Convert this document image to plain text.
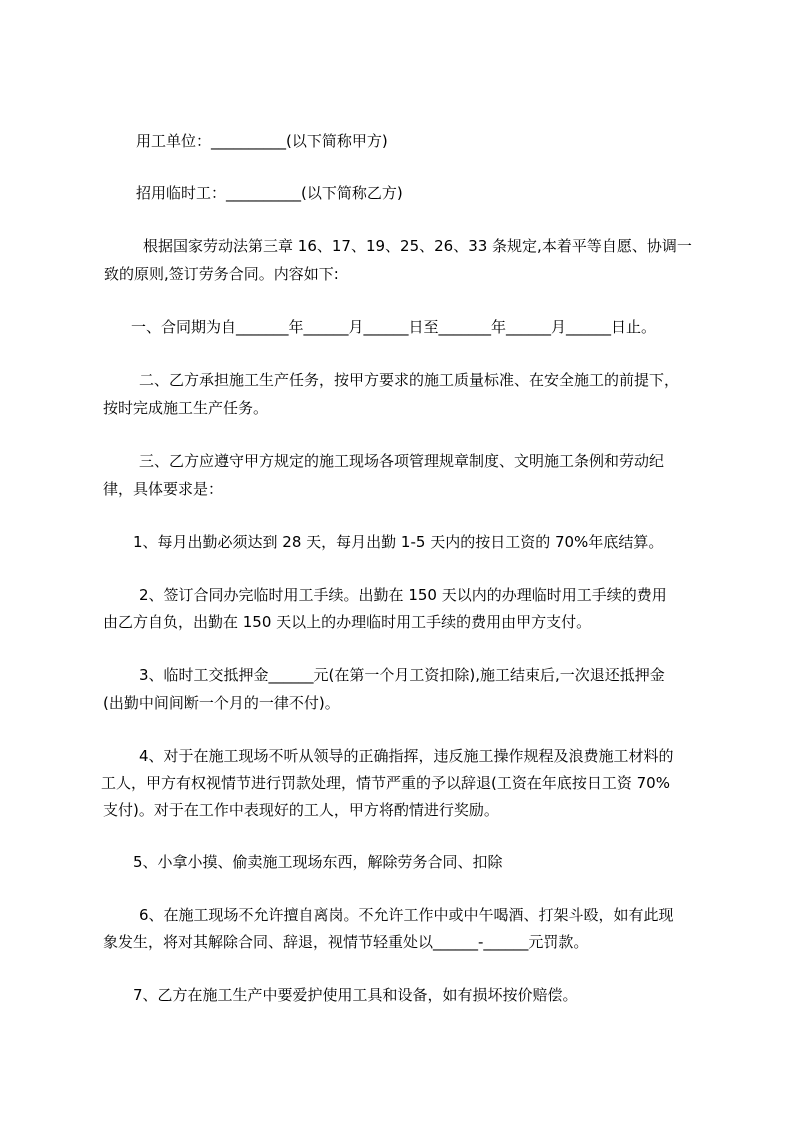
用工单位：__________(以下简称甲方)
招用临时工：__________(以下简称乙方)
根据国家劳动法第三章 16、17、19、25、26、33 条规定,本着平等自愿、协调一
致的原则,签订劳务合同。内容如下:
一、合同期为自_______年______月______日至_______年______月______日止。
二、乙方承担施工生产任务，按甲方要求的施工质量标准、在安全施工的前提下，
按时完成施工生产任务。
三、乙方应遵守甲方规定的施工现场各项管理规章制度、文明施工条例和劳动纪
律，具体要求是：
1、每月出勤必须达到 28 天，每月出勤 1-5 天内的按日工资的 70%年底结算。
2、签订合同办完临时用工手续。出勤在 150 天以内的办理临时用工手续的费用
由乙方自负，出勤在 150 天以上的办理临时用工手续的费用由甲方支付。
3、临时工交抵押金______元(在第一个月工资扣除),施工结束后,一次退还抵押金
(出勤中间间断一个月的一律不付)。
4、对于在施工现场不听从领导的正确指挥，违反施工操作规程及浪费施工材料的
工人，甲方有权视情节进行罚款处理，情节严重的予以辞退(工资在年底按日工资 70%
支付)。对于在工作中表现好的工人，甲方将酌情进行奖励。
5、小拿小摸、偷卖施工现场东西，解除劳务合同、扣除
6、在施工现场不允许擅自离岗。不允许工作中或中午喝酒、打架斗殴，如有此现
象发生，将对其解除合同、辞退，视情节轻重处以______-______元罚款。
7、乙方在施工生产中要爱护使用工具和设备，如有损坏按价赔偿。
